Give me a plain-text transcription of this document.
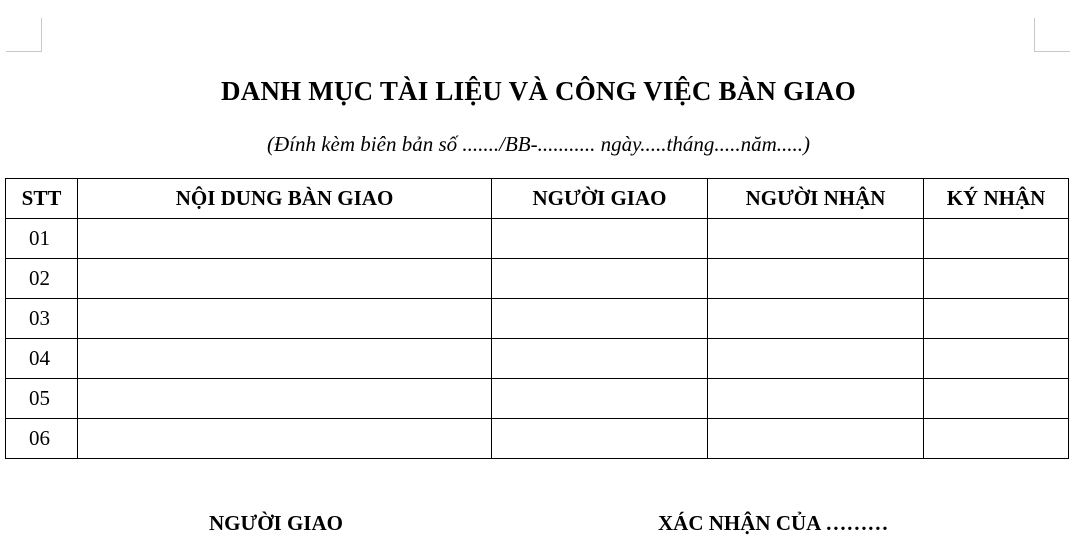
DANH MỤC TÀI LIỆU VÀ CÔNG VIỆC BÀN GIAO
(Đính kèm biên bản số ......./BB-........... ngày.....tháng.....năm.....)
STT	NỘI DUNG BÀN GIAO	NGƯỜI GIAO	NGƯỜI NHẬN	KÝ NHẬN
01				
02				
03				
04				
05				
06				
NGƯỜI GIAO	XÁC NHẬN CỦA ………
